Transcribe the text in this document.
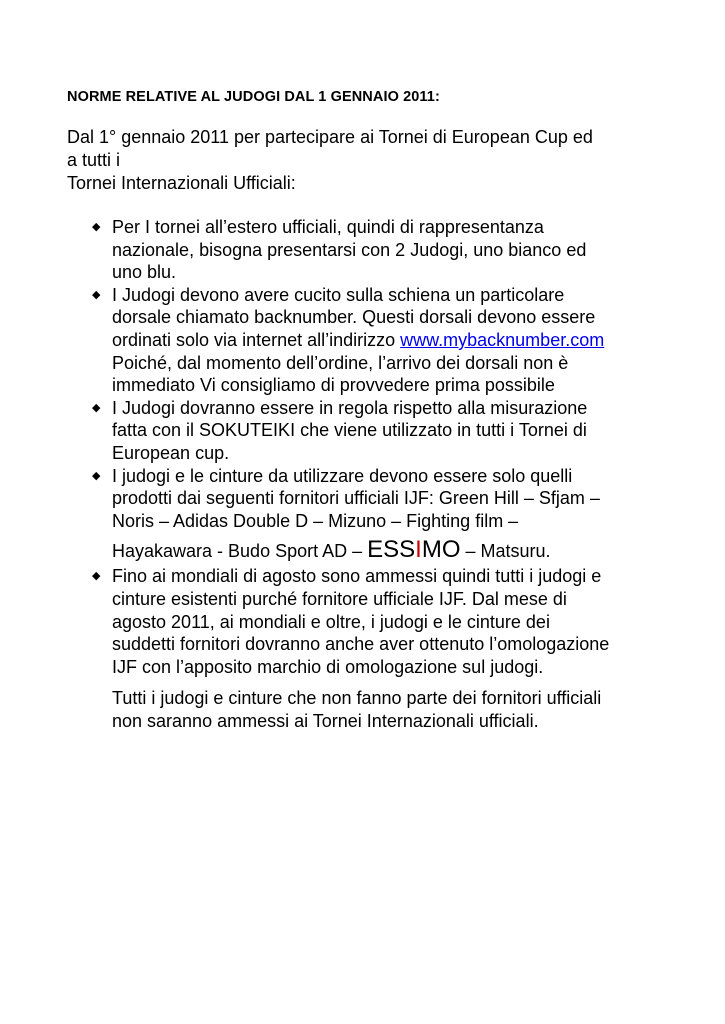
NORME RELATIVE AL JUDOGI DAL 1 GENNAIO 2011:
Dal 1° gennaio 2011 per partecipare ai Tornei di European Cup ed
a tutti i
Tornei Internazionali Ufficiali:
◆ Per I tornei all’estero ufficiali, quindi di rappresentanza
nazionale, bisogna presentarsi con 2 Judogi, uno bianco ed
uno blu.
◆ I Judogi devono avere cucito sulla schiena un particolare
dorsale chiamato backnumber. Questi dorsali devono essere
ordinati solo via internet all’indirizzo www.mybacknumber.com
Poiché, dal momento dell’ordine, l’arrivo dei dorsali non è
immediato Vi consigliamo di provvedere prima possibile
◆ I Judogi dovranno essere in regola rispetto alla misurazione
fatta con il SOKUTEIKI che viene utilizzato in tutti i Tornei di
European cup.
◆ I judogi e le cinture da utilizzare devono essere solo quelli
prodotti dai seguenti fornitori ufficiali IJF: Green Hill – Sfjam –
Noris – Adidas Double D – Mizuno – Fighting film –
Hayakawara - Budo Sport AD – ESSIMO – Matsuru.
◆ Fino ai mondiali di agosto sono ammessi quindi tutti i judogi e
cinture esistenti purché fornitore ufficiale IJF. Dal mese di
agosto 2011, ai mondiali e oltre, i judogi e le cinture dei
suddetti fornitori dovranno anche aver ottenuto l’omologazione
IJF con l’apposito marchio di omologazione sul judogi.
Tutti i judogi e cinture che non fanno parte dei fornitori ufficiali
non saranno ammessi ai Tornei Internazionali ufficiali.
